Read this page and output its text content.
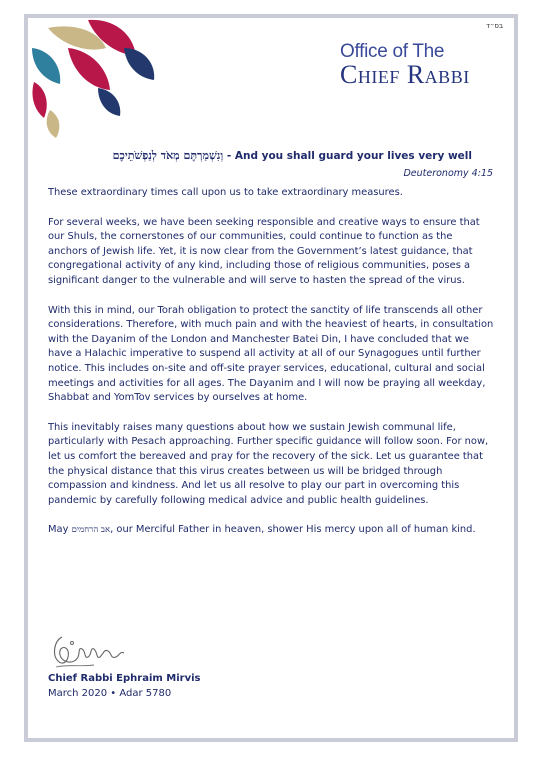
בס״ד
Office of The
Chief Rabbi
וְנִשְׁמַרְתֶּם מְאֹד לְנַפְשֹׁתֵיכֶם - And you shall guard your lives very well
Deuteronomy 4:15

These extraordinary times call upon us to take extraordinary measures.

For several weeks, we have been seeking responsible and creative ways to ensure that our Shuls, the cornerstones of our communities, could continue to function as the anchors of Jewish life. Yet, it is now clear from the Government’s latest guidance, that congregational activity of any kind, including those of religious communities, poses a significant danger to the vulnerable and will serve to hasten the spread of the virus.

With this in mind, our Torah obligation to protect the sanctity of life transcends all other considerations. Therefore, with much pain and with the heaviest of hearts, in consultation with the Dayanim of the London and Manchester Batei Din, I have concluded that we have a Halachic imperative to suspend all activity at all of our Synagogues until further notice. This includes on-site and off-site prayer services, educational, cultural and social meetings and activities for all ages. The Dayanim and I will now be praying all weekday, Shabbat and YomTov services by ourselves at home.

This inevitably raises many questions about how we sustain Jewish communal life, particularly with Pesach approaching. Further specific guidance will follow soon. For now, let us comfort the bereaved and pray for the recovery of the sick. Let us guarantee that the physical distance that this virus creates between us will be bridged through compassion and kindness. And let us all resolve to play our part in overcoming this pandemic by carefully following medical advice and public health guidelines.

May אב הרחמים, our Merciful Father in heaven, shower His mercy upon all of human kind.

Chief Rabbi Ephraim Mirvis
March 2020 • Adar 5780
